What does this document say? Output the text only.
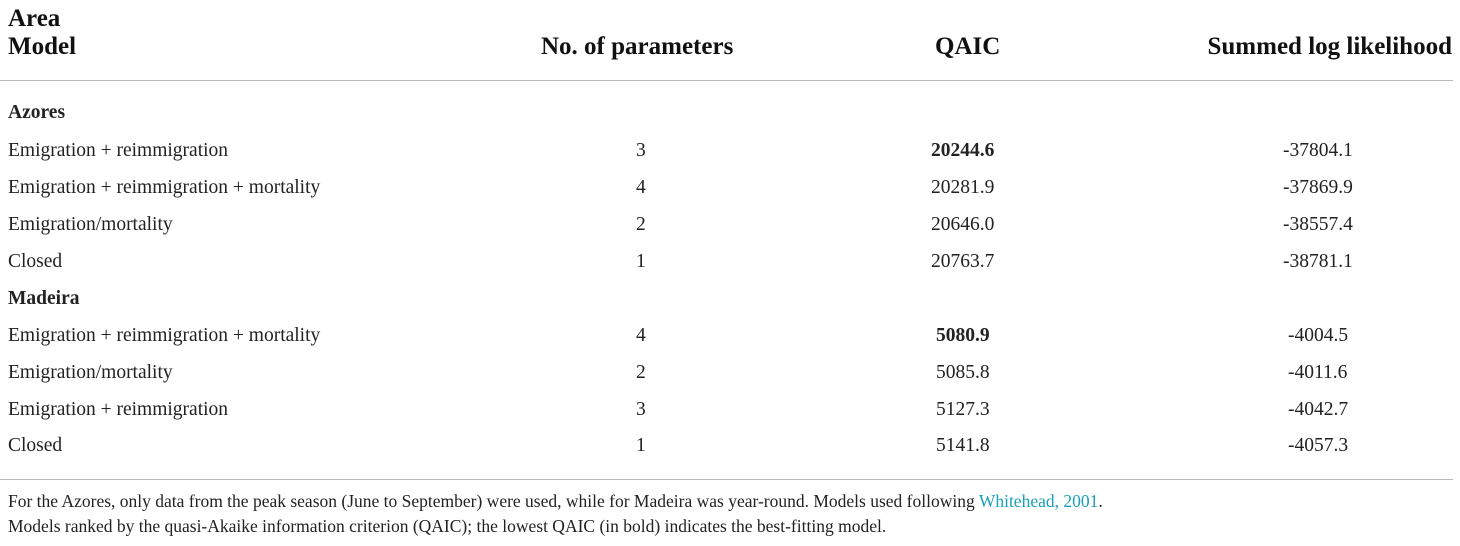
Area
Model	No. of parameters	QAIC	Summed log likelihood
Azores
Emigration + reimmigration	3	20244.6	-37804.1
Emigration + reimmigration + mortality	4	20281.9	-37869.9
Emigration/mortality	2	20646.0	-38557.4
Closed	1	20763.7	-38781.1
Madeira
Emigration + reimmigration + mortality	4	5080.9	-4004.5
Emigration/mortality	2	5085.8	-4011.6
Emigration + reimmigration	3	5127.3	-4042.7
Closed	1	5141.8	-4057.3
For the Azores, only data from the peak season (June to September) were used, while for Madeira was year-round. Models used following Whitehead, 2001.
Models ranked by the quasi-Akaike information criterion (QAIC); the lowest QAIC (in bold) indicates the best-fitting model.
